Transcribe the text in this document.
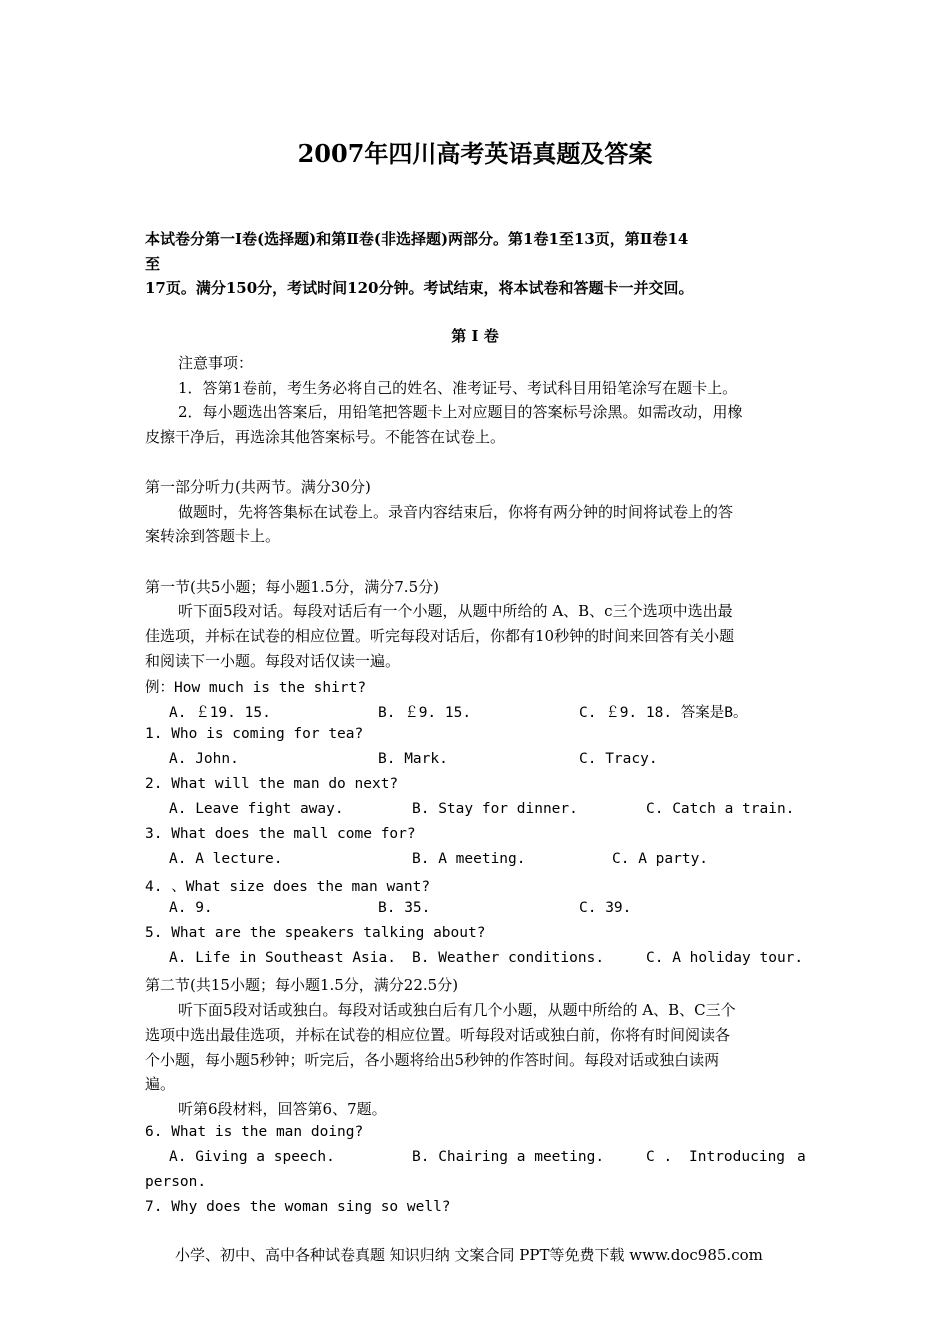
2007年四川高考英语真题及答案
本试卷分第一Ⅰ卷(选择题)和第Ⅱ卷(非选择题)两部分。第1卷1至13页，第Ⅱ卷14
至
17页。满分150分，考试时间120分钟。考试结束，将本试卷和答题卡一并交回。
第 Ⅰ 卷
注意事项：
1．答第1卷前，考生务必将自己的姓名、准考证号、考试科目用铅笔涂写在题卡上。
2．每小题选出答案后，用铅笔把答题卡上对应题目的答案标号涂黑。如需改动，用橡
皮擦干净后，再选涂其他答案标号。不能答在试卷上。
第一部分听力(共两节。满分30分)
做题时，先将答集标在试卷上。录音内容结束后，你将有两分钟的时间将试卷上的答
案转涂到答题卡上。
第一节(共5小题；每小题1.5分，满分7.5分)
听下面5段对话。每段对话后有一个小题，从题中所给的 A、B、c三个选项中选出最
佳选项，并标在试卷的相应位置。听完每段对话后，你都有10秒钟的时间来回答有关小题
和阅读下一小题。每段对话仅读一遍。
例：How much is the shirt?
A. ￡19. 15.	B. ￡9. 15.	C. ￡9. 18. 答案是B。
1. Who is coming for tea?
A. John.	B. Mark.	C. Tracy.
2. What will the man do next?
A. Leave fight away.	B. Stay for dinner.	C. Catch a train.
3. What does the mall come for?
A. A lecture.	B. A meeting.	C. A party.
4. 、What size does the man want?
A. 9.	B. 35.	C. 39.
5. What are the speakers talking about?
A. Life in Southeast Asia. B. Weather conditions.	C. A holiday tour.
第二节(共15小题；每小题1.5分，满分22.5分)
听下面5段对话或独白。每段对话或独白后有几个小题，从题中所给的 A、B、C三个
选项中选出最佳选项，并标在试卷的相应位置。听每段对话或独白前，你将有时间阅读各
个小题，每小题5秒钟；听完后，各小题将给出5秒钟的作答时间。每段对话或独白读两
遍。
听第6段材料，回答第6、7题。
6. What is the man doing?
A. Giving a speech.	B. Chairing a meeting.	C . Introducing a
person.
7. Why does the woman sing so well?
小学、初中、高中各种试卷真题 知识归纳 文案合同 PPT等免费下载 www.doc985.com
